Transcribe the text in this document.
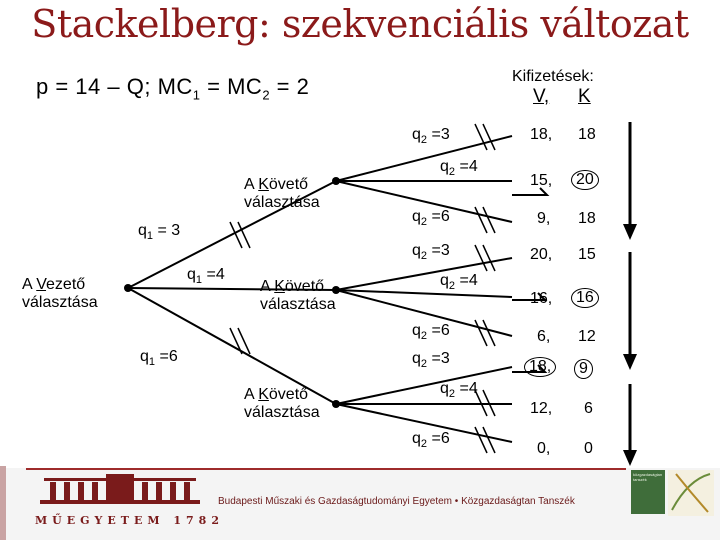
Stackelberg: szekvenciális változat
p = 14 – Q; $MC_1 = MC_2 = 2$	Kifizetések:
V, K
A Vezető
választása
A Követő
választása
A Követő
választása
A Követő
választása
$q_1 = 3$
$q_1 =4$
$q_1 =6$
$q_2 =3$
$q_2 =4$
$q_2 =6$
$q_2 =3$
$q_2 =4$
$q_2 =6$
$q_2 =3$
$q_2 =4$
$q_2 =6$
18, 18
15,	20
9, 18
20, 15
16,	16
6, 12
18,	9
12, 6
0, 0
MŰEGYETEM 1782
Budapesti Műszaki és Gazdaságtudományi Egyetem • Közgazdaságtan Tanszék
közgazdaságtan tanszék
